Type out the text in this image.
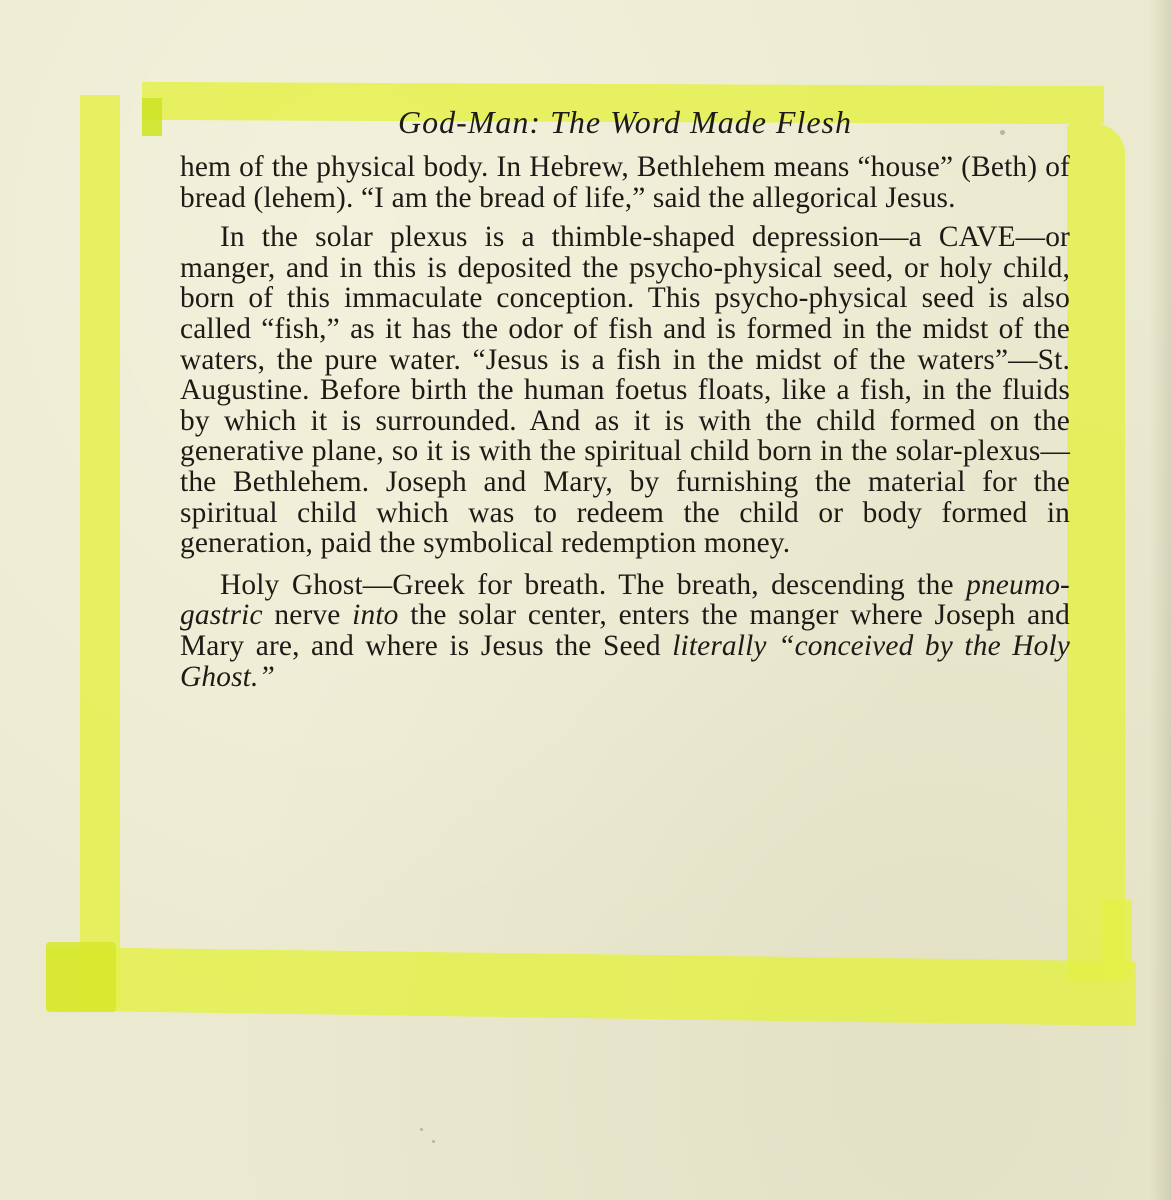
God-Man: The Word Made Flesh

hem of the physical body. In Hebrew, Bethlehem means “house” (Beth) of bread (lehem). “I am the bread of life,” said the allegorical Jesus.

In the solar plexus is a thimble-shaped depression—a CAVE—or manger, and in this is deposited the psycho-physical seed, or holy child, born of this immaculate conception. This psycho-physical seed is also called “fish,” as it has the odor of fish and is formed in the midst of the waters, the pure water. “Jesus is a fish in the midst of the waters”—St. Augustine. Before birth the human foetus floats, like a fish, in the fluids by which it is surrounded. And as it is with the child formed on the generative plane, so it is with the spiritual child born in the solar-plexus—the Bethlehem. Joseph and Mary, by furnishing the material for the spiritual child which was to redeem the child or body formed in generation, paid the symbolical redemption money.

Holy Ghost—Greek for breath. The breath, descending the pneumo-gastric nerve into the solar center, enters the manger where Joseph and Mary are, and where is Jesus the Seed literally “conceived by the Holy Ghost.”
